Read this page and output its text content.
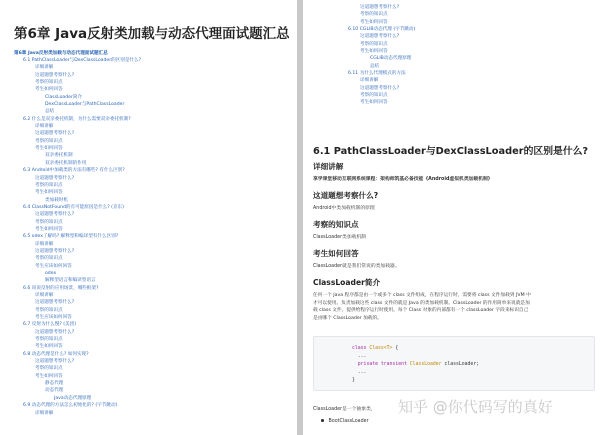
第6章 Java反射类加载与动态代理面试题汇总
第6章 Java反射类加载与动态代理面试题汇总
6.1 PathClassLoader与DexClassLoader的区别是什么?
详细讲解
这道题想考察什么?
考察的知识点
考生如何回答
ClassLoader简介
DexClassLoader与PathClassLoader
总结
6.2 什么是双亲委托机制，为什么需要双亲委托机制?
详细讲解
这道题想考察什么?
考察的知识点
考生如何回答
双亲委托机制
双亲委托机制的作用
6.3 Android中加载类的方法有哪些? 有什么区别?
这道题想考察什么?
考察的知识点
考生如何回答
类加载时机
6.4 ClassNotFound的有可能原因是什么? (京东)
这道题想考察什么?
考察的知识点
考生如何回答
6.5 odex了解吗? 解释型和编译型有什么区别?
详细讲解
这道题想考察什么?
考察的知识点
考生应该如何回答
odex
解释型语言和编译型语言
6.6 说说反射的应用场景，哪些框架?
详细讲解
这道题想考察什么?
考察的知识点
考生应该如何回答
6.7 反射为什么慢? (美团)
这道题想考察什么?
考察的知识点
考生如何回答
6.8 动态代理是什么? 如何实现?
这道题想考察什么?
考察的知识点
考生如何回答
静态代理
动态代理
Java动态代理原理
6.9 动态代理的方法怎么初始化的? (字节跳动)
详细讲解
这道题想考察什么?
考察的知识点
考生如何回答
6.10 CGLIB动态代理 (字节跳动)
这道题想考察什么?
考察的知识点
考生如何回答
CGLIB动态代理原理
总结
6.11 为什么代理模式的方法
详细讲解
这道题想考察什么?
考察的知识点
考生如何回答
6.1 PathClassLoader与DexClassLoader的区别是什么?
详细讲解
享学课堂移动互联网系统课程：架构师筑基必备技能《Android虚拟机类加载机制》
这道题想考察什么?
Android中类加载机制的原理
考察的知识点
ClassLoader类加载机制
考生如何回答
ClassLoader就是我们常说的类加载器。
ClassLoader简介
任何一个 Java 程序都是由一个或多个 class 文件组成，在程序运行时，需要将 class 文件加载到 JVM 中
才可以使用。负责加载这些 class 文件的就是 Java 的类加载机制。ClassLoader 的作用简单来说就是加
载 class 文件，提供给程序运行时使用。每个 Class 对象的内部都有一个 classLoader 字段来标识自己
是由哪个 ClassLoader 加载的。
class Class<T> {
...
private transient ClassLoader classLoader;
...
}
ClassLoader是一个抽象类，
BootClassLoader
知乎 @你代码写的真好
